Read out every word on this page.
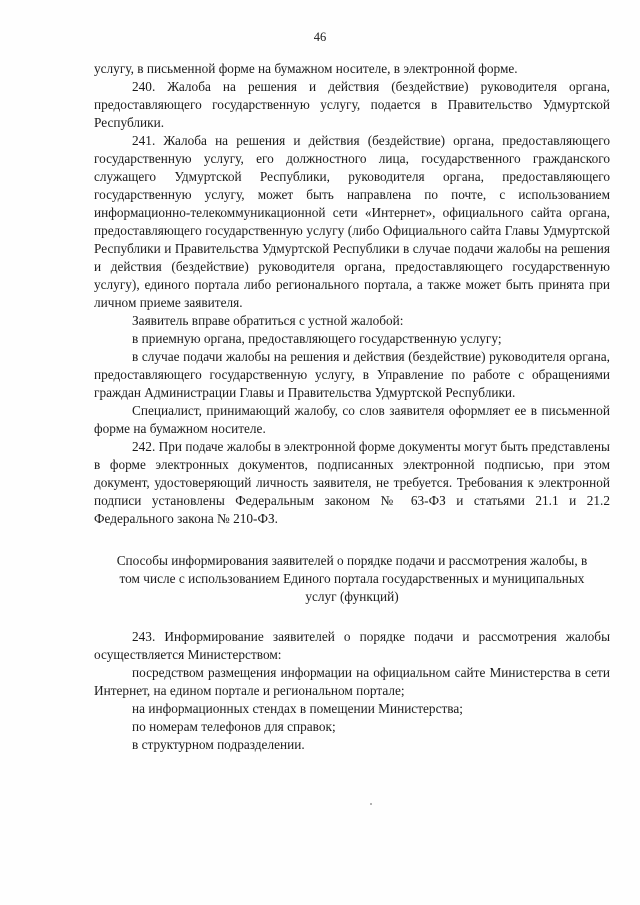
46

услугу, в письменной форме на бумажном носителе, в электронной форме.

240. Жалоба на решения и действия (бездействие) руководителя органа, предоставляющего государственную услугу, подается в Правительство Удмуртской Республики.

241. Жалоба на решения и действия (бездействие) органа, предоставляющего государственную услугу, его должностного лица, государственного гражданского служащего Удмуртской Республики, руководителя органа, предоставляющего государственную услугу, может быть направлена по почте, с использованием информационно-телекоммуникационной сети «Интернет», официального сайта органа, предоставляющего государственную услугу (либо Официального сайта Главы Удмуртской Республики и Правительства Удмуртской Республики в случае подачи жалобы на решения и действия (бездействие) руководителя органа, предоставляющего государственную услугу), единого портала либо регионального портала, а также может быть принята при личном приеме заявителя.

Заявитель вправе обратиться с устной жалобой:

в приемную органа, предоставляющего государственную услугу;

в случае подачи жалобы на решения и действия (бездействие) руководителя органа, предоставляющего государственную услугу, в Управление по работе с обращениями граждан Администрации Главы и Правительства Удмуртской Республики.

Специалист, принимающий жалобу, со слов заявителя оформляет ее в письменной форме на бумажном носителе.

242. При подаче жалобы в электронной форме документы могут быть представлены в форме электронных документов, подписанных электронной подписью, при этом документ, удостоверяющий личность заявителя, не требуется. Требования к электронной подписи установлены Федеральным законом № 63-ФЗ и статьями 21.1 и 21.2 Федерального закона № 210-ФЗ.

Способы информирования заявителей о порядке подачи и рассмотрения жалобы, в том числе с использованием Единого портала государственных и муниципальных услуг (функций)

243. Информирование заявителей о порядке подачи и рассмотрения жалобы осуществляется Министерством:

посредством размещения информации на официальном сайте Министерства в сети Интернет, на едином портале и региональном портале;

на информационных стендах в помещении Министерства;

по номерам телефонов для справок;

в структурном подразделении.
